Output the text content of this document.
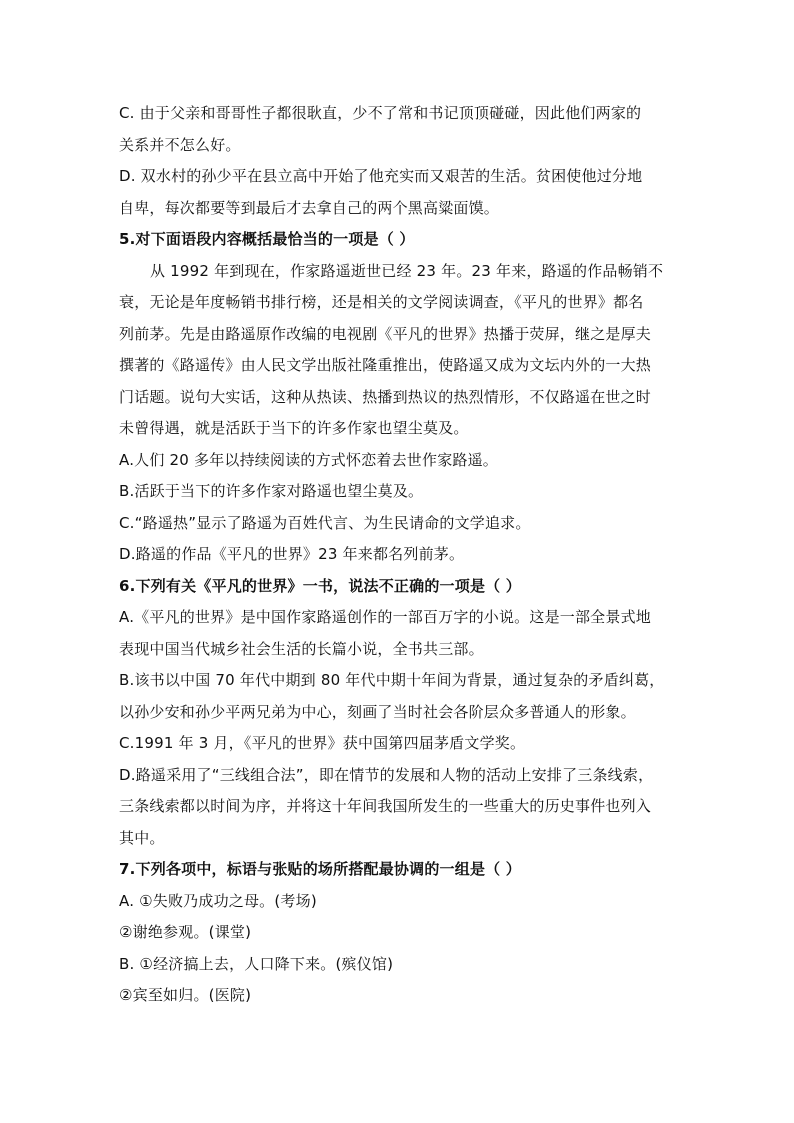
C. 由于父亲和哥哥性子都很耿直，少不了常和书记顶顶碰碰，因此他们两家的
关系并不怎么好。
D. 双水村的孙少平在县立高中开始了他充实而又艰苦的生活。贫困使他过分地
自卑，每次都要等到最后才去拿自己的两个黑高粱面馍。
5.对下面语段内容概括最恰当的一项是（ ）
从 1992 年到现在，作家路遥逝世已经 23 年。23 年来，路遥的作品畅销不
衰，无论是年度畅销书排行榜，还是相关的文学阅读调查，《平凡的世界》都名
列前茅。先是由路遥原作改编的电视剧《平凡的世界》热播于荧屏，继之是厚夫
撰著的《路遥传》由人民文学出版社隆重推出，使路遥又成为文坛内外的一大热
门话题。说句大实话，这种从热读、热播到热议的热烈情形，不仅路遥在世之时
未曾得遇，就是活跃于当下的许多作家也望尘莫及。
A.人们 20 多年以持续阅读的方式怀恋着去世作家路遥。
B.活跃于当下的许多作家对路遥也望尘莫及。
C.“路遥热”显示了路遥为百姓代言、为生民请命的文学追求。
D.路遥的作品《平凡的世界》23 年来都名列前茅。
6.下列有关《平凡的世界》一书，说法不正确的一项是（ ）
A.《平凡的世界》是中国作家路遥创作的一部百万字的小说。这是一部全景式地
表现中国当代城乡社会生活的长篇小说，全书共三部。
B.该书以中国 70 年代中期到 80 年代中期十年间为背景，通过复杂的矛盾纠葛，
以孙少安和孙少平两兄弟为中心，刻画了当时社会各阶层众多普通人的形象。
C.1991 年 3 月，《平凡的世界》获中国第四届茅盾文学奖。
D.路遥采用了“三线组合法”，即在情节的发展和人物的活动上安排了三条线索，
三条线索都以时间为序，并将这十年间我国所发生的一些重大的历史事件也列入
其中。
7.下列各项中，标语与张贴的场所搭配最协调的一组是（ ）
A. ①失败乃成功之母。(考场)
②谢绝参观。(课堂)
B. ①经济搞上去，人口降下来。(殡仪馆)
②宾至如归。(医院)
